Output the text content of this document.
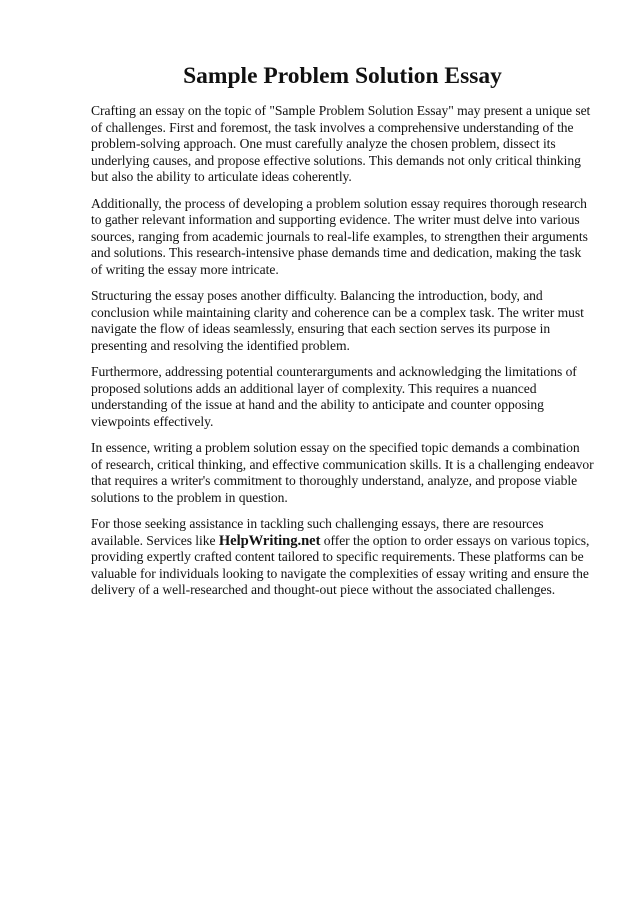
Sample Problem Solution Essay

Crafting an essay on the topic of "Sample Problem Solution Essay" may present a unique set of challenges. First and foremost, the task involves a comprehensive understanding of the problem-solving approach. One must carefully analyze the chosen problem, dissect its underlying causes, and propose effective solutions. This demands not only critical thinking but also the ability to articulate ideas coherently.

Additionally, the process of developing a problem solution essay requires thorough research to gather relevant information and supporting evidence. The writer must delve into various sources, ranging from academic journals to real-life examples, to strengthen their arguments and solutions. This research-intensive phase demands time and dedication, making the task of writing the essay more intricate.

Structuring the essay poses another difficulty. Balancing the introduction, body, and conclusion while maintaining clarity and coherence can be a complex task. The writer must navigate the flow of ideas seamlessly, ensuring that each section serves its purpose in presenting and resolving the identified problem.

Furthermore, addressing potential counterarguments and acknowledging the limitations of proposed solutions adds an additional layer of complexity. This requires a nuanced understanding of the issue at hand and the ability to anticipate and counter opposing viewpoints effectively.

In essence, writing a problem solution essay on the specified topic demands a combination of research, critical thinking, and effective communication skills. It is a challenging endeavor that requires a writer's commitment to thoroughly understand, analyze, and propose viable solutions to the problem in question.

For those seeking assistance in tackling such challenging essays, there are resources available. Services like HelpWriting.net offer the option to order essays on various topics, providing expertly crafted content tailored to specific requirements. These platforms can be valuable for individuals looking to navigate the complexities of essay writing and ensure the delivery of a well-researched and thought-out piece without the associated challenges.
